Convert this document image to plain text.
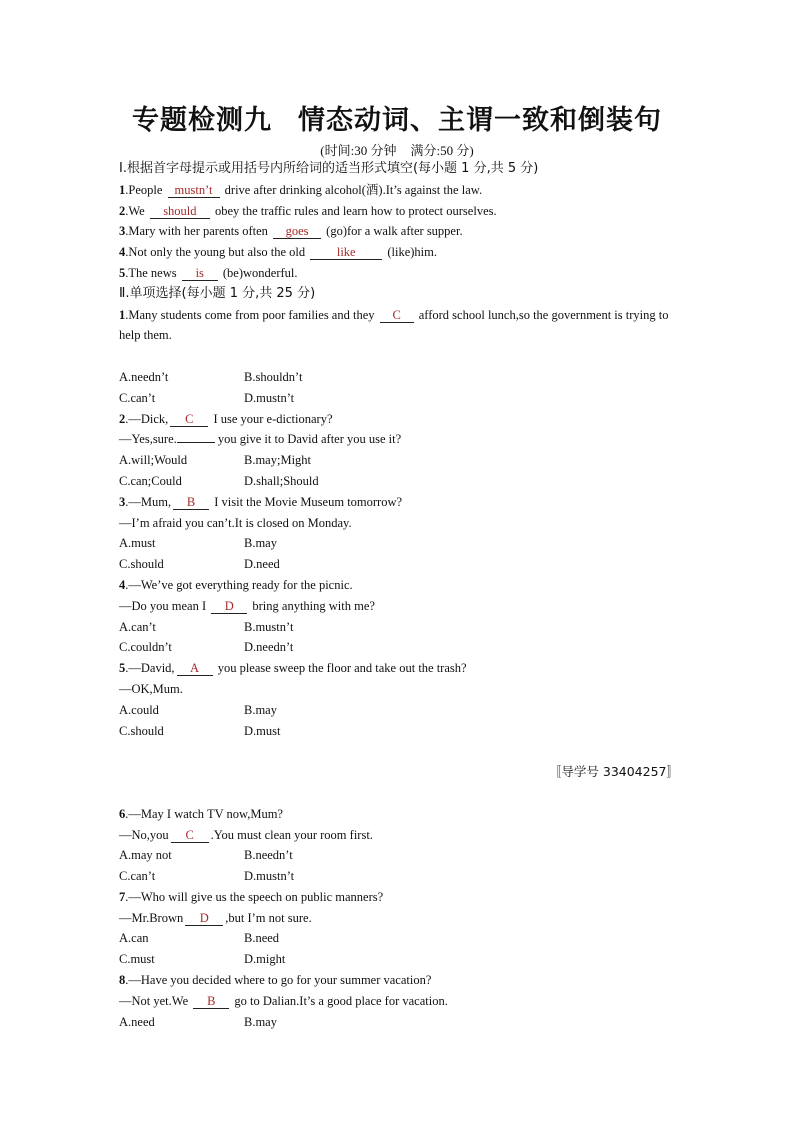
专题检测九 情态动词、主谓一致和倒装句
(时间:30 分钟 满分:50 分)
Ⅰ.根据首字母提示或用括号内所给词的适当形式填空(每小题 1 分,共 5 分)
1.People mustn’t drive after drinking alcohol(酒).It’s against the law.
2.We should obey the traffic rules and learn how to protect ourselves.
3.Mary with her parents often goes (go)for a walk after supper.
4.Not only the young but also the old like (like)him.
5.The news is (be)wonderful.
Ⅱ.单项选择(每小题 1 分,共 25 分)
1.Many students come from poor families and they C afford school lunch,so the government is trying to help them.
A.needn’t	B.shouldn’t
C.can’t	D.mustn’t
2.—Dick, C I use your e-dictionary?
—Yes,sure.	you give it to David after you use it?
A.will;Would	B.may;Might
C.can;Could	D.shall;Should
3.—Mum, B I visit the Movie Museum tomorrow?
—I’m afraid you can’t.It is closed on Monday.
A.must	B.may
C.should	D.need
4.—We’ve got everything ready for the picnic.
—Do you mean I D bring anything with me?
A.can’t	B.mustn’t
C.couldn’t	D.needn’t
5.—David, A you please sweep the floor and take out the trash?
—OK,Mum.
A.could	B.may
C.should	D.must
〚导学号 33404257〛
6.—May I watch TV now,Mum?
—No,you C .You must clean your room first.
A.may not	B.needn’t
C.can’t	D.mustn’t
7.—Who will give us the speech on public manners?
—Mr.Brown D ,but I’m not sure.
A.can	B.need
C.must	D.might
8.—Have you decided where to go for your summer vacation?
—Not yet.We B go to Dalian.It’s a good place for vacation.
A.need	B.may
